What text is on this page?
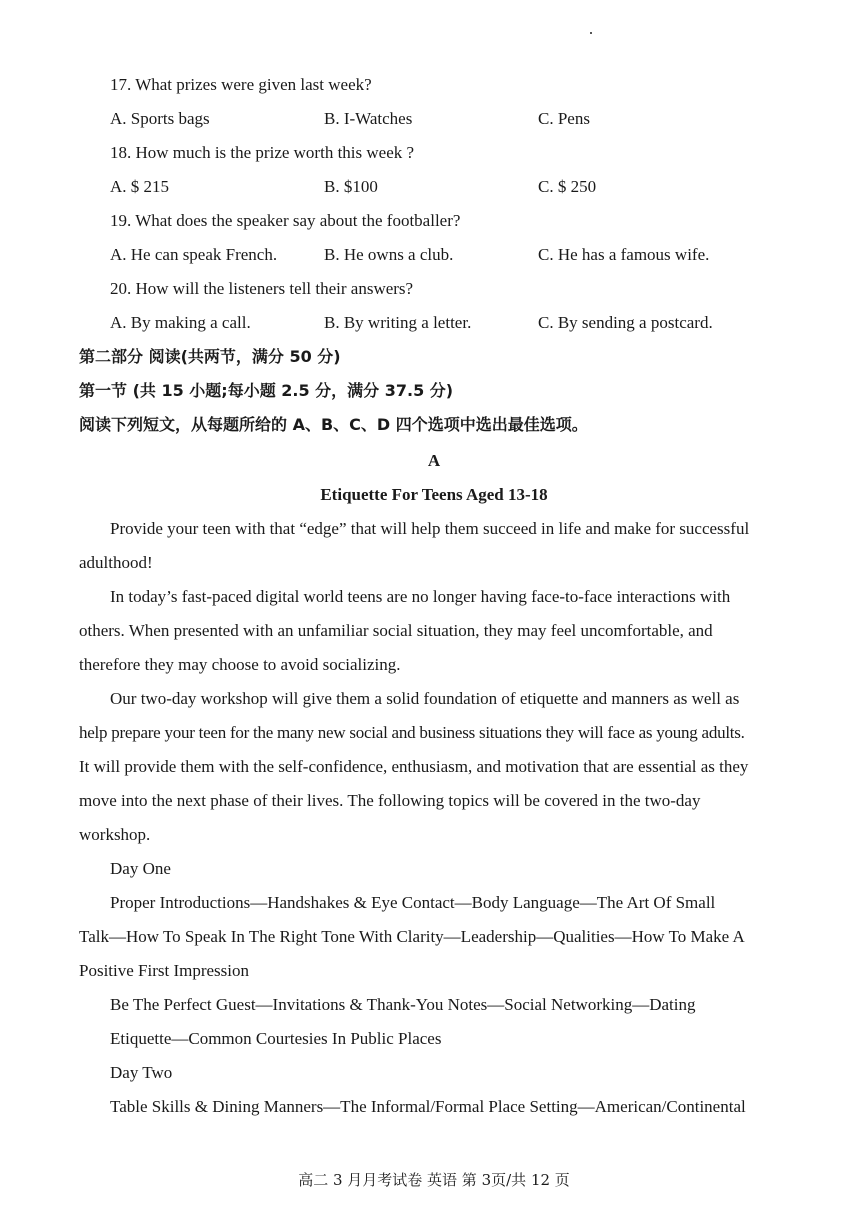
17. What prizes were given last week?
A. Sports bags	B. I-Watches	C. Pens
18. How much is the prize worth this week ?
A. $ 215	B. $100	C. $ 250
19. What does the speaker say about the footballer?
A. He can speak French.	B. He owns a club.	C. He has a famous wife.
20. How will the listeners tell their answers?
A. By making a call.	B. By writing a letter.	C. By sending a postcard.
第二部分 阅读(共两节，满分 50 分)
第一节 (共 15 小题;每小题 2.5 分，满分 37.5 分)
阅读下列短文，从每题所给的 A、B、C、D 四个选项中选出最佳选项。
A
Etiquette For Teens Aged 13-18
Provide your teen with that “edge” that will help them succeed in life and make for successful
adulthood!
In today’s fast-paced digital world teens are no longer having face-to-face interactions with
others. When presented with an unfamiliar social situation, they may feel uncomfortable, and
therefore they may choose to avoid socializing.
Our two-day workshop will give them a solid foundation of etiquette and manners as well as
help prepare your teen for the many new social and business situations they will face as young adults.
It will provide them with the self-confidence, enthusiasm, and motivation that are essential as they
move into the next phase of their lives. The following topics will be covered in the two-day
workshop.
Day One
Proper Introductions—Handshakes & Eye Contact—Body Language—The Art Of Small
Talk—How To Speak In The Right Tone With Clarity—Leadership—Qualities—How To Make A
Positive First Impression
Be The Perfect Guest—Invitations & Thank-You Notes—Social Networking—Dating
Etiquette—Common Courtesies In Public Places
Day Two
Table Skills & Dining Manners—The Informal/Formal Place Setting—American/Continental
高二 3 月月考试卷 英语 第 3页/共 12 页
